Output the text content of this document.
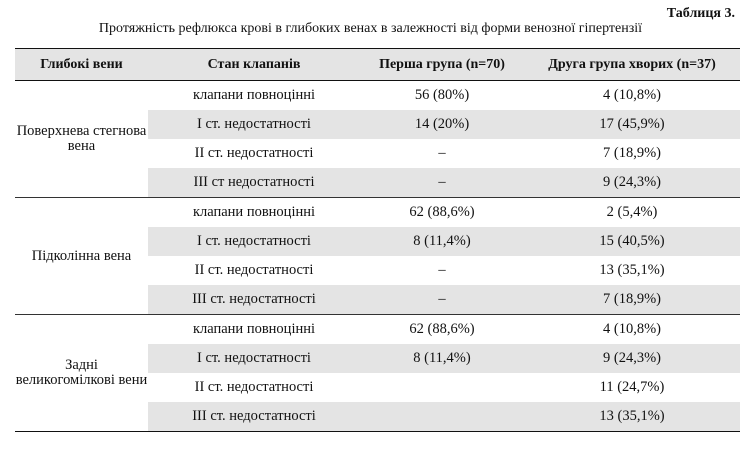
Таблиця 3.
Протяжність рефлюкса крові в глибоких венах в залежності від форми венозної гіпертензії
Глибокі вени	Стан клапанів	Перша група (n=70)	Друга група хворих (n=37)
Поверхнева стегнова вена	клапани повноцінні	56 (80%)	4 (10,8%)
	І ст. недостатності	14 (20%)	17 (45,9%)
	ІІ ст. недостатності	–	7 (18,9%)
	ІІІ ст недостатності	–	9 (24,3%)
Підколінна вена	клапани повноцінні	62 (88,6%)	2 (5,4%)
	І ст. недостатності	8 (11,4%)	15 (40,5%)
	ІІ ст. недостатності	–	13 (35,1%)
	ІІІ ст. недостатності	–	7 (18,9%)
Задні великогомілкові вени	клапани повноцінні	62 (88,6%)	4 (10,8%)
	І ст. недостатності	8 (11,4%)	9 (24,3%)
	ІІ ст. недостатності		11 (24,7%)
	ІІІ ст. недостатності		13 (35,1%)
